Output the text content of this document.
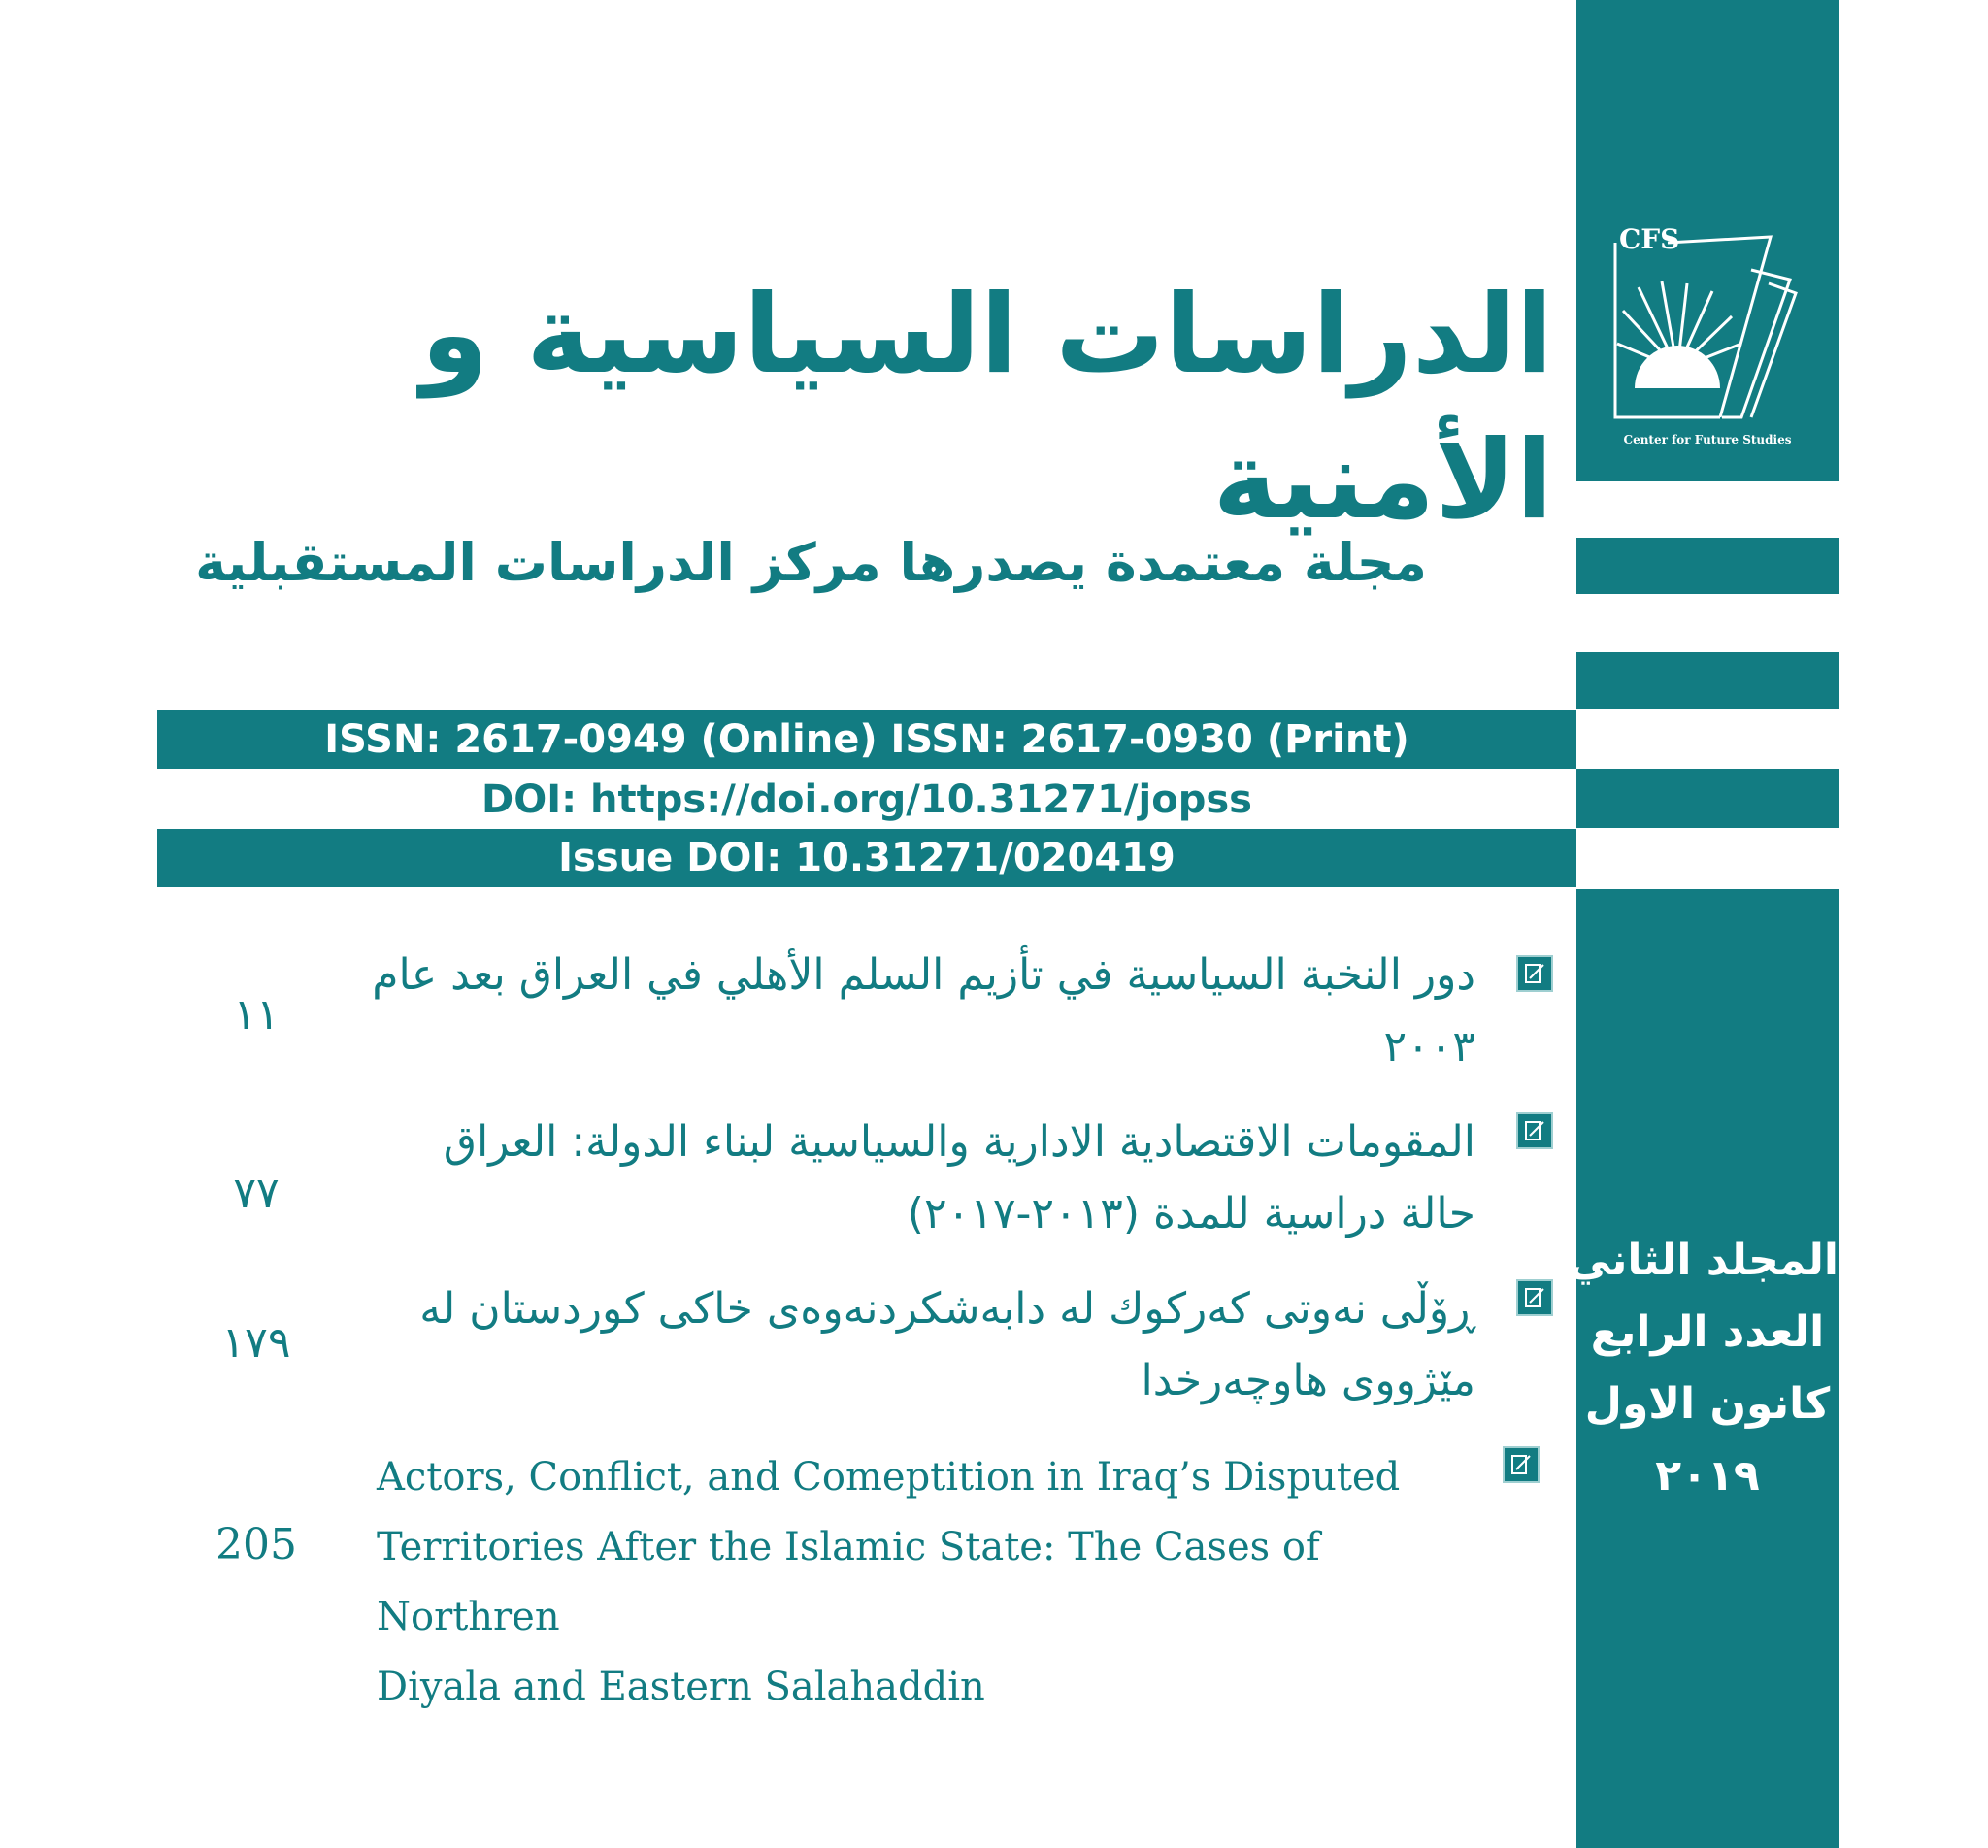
CFS
Center for Future Studies
الدراسات السياسية و الأمنية
مجلة معتمدة يصدرها مركز الدراسات المستقبلية
ISSN: 2617-0949 (Online) ISSN: 2617-0930 (Print)
DOI: https://doi.org/10.31271/jopss
Issue DOI: 10.31271/020419
دور النخبة السياسية في تأزيم السلم الأهلي في العراق بعد عام
٢٠٠٣
١١
المقومات الاقتصادية الادارية والسياسية لبناء الدولة: العراق
حالة دراسية للمدة (٢٠١٣-٢٠١٧)
٧٧
ڕۆڵی نەوتی کەرکوك لە دابەشکردنەوەی خاکی کوردستان لە
مێژووی هاوچەرخدا
١٧٩
Actors, Conflict, and Comeptition in Iraq’s Disputed
Territories After the Islamic State: The Cases of Northren
Diyala and Eastern Salahaddin
205
المجلد الثاني
العدد الرابع
كانون الاول
٢٠١٩
